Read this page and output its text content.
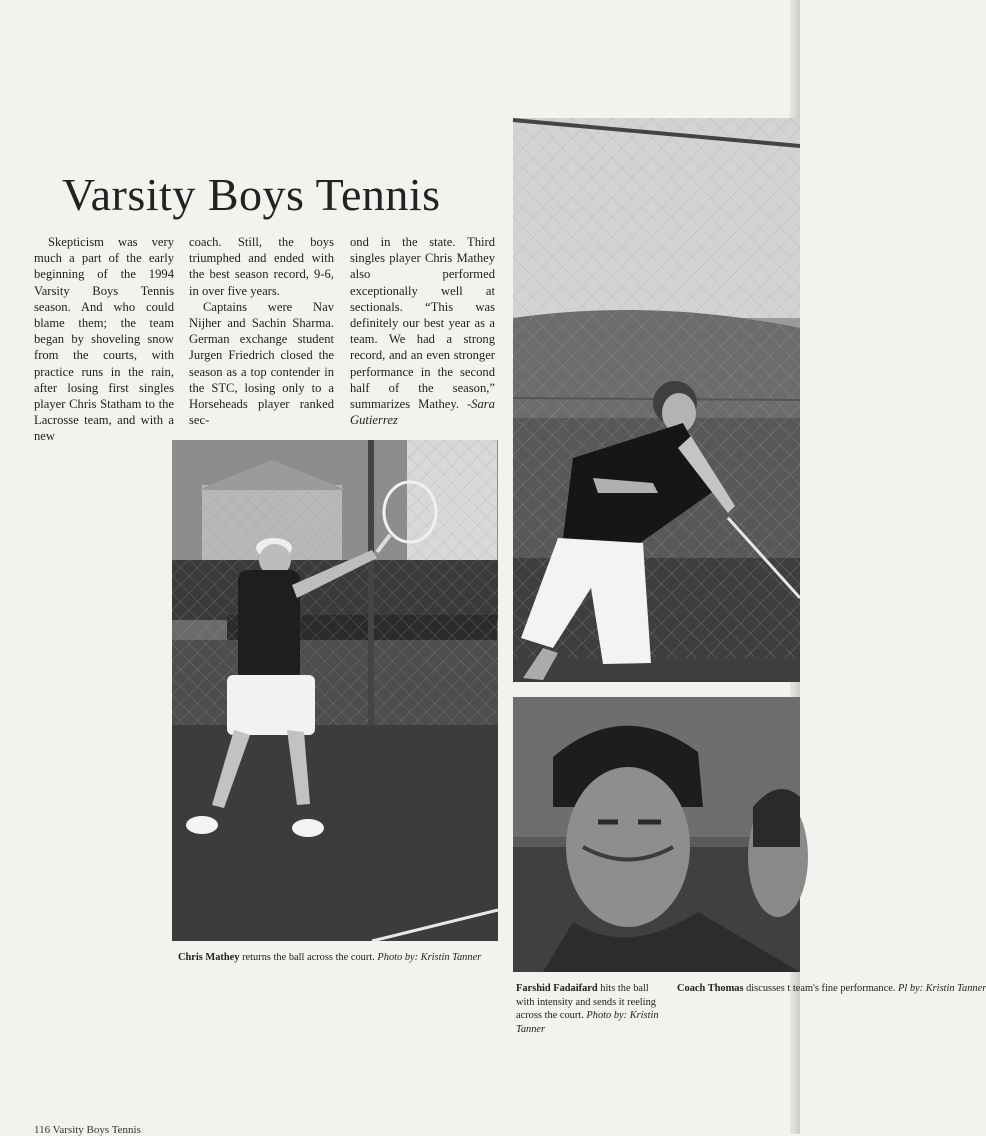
Varsity Boys Tennis

Skepticism was very much a part of the early beginning of the 1994 Varsity Boys Tennis season. And who could blame them; the team began by shoveling snow from the courts, with practice runs in the rain, after losing first singles player Chris Statham to the Lacrosse team, and with a new

coach. Still, the boys triumphed and ended with the best season record, 9-6, in over five years.

Captains were Nav Nijher and Sachin Sharma. German exchange student Jurgen Friedrich closed the season as a top contender in the STC, losing only to a Horseheads player ranked sec-

ond in the state. Third singles player Chris Mathey also performed exceptionally well at sectionals. “This was definitely our best year as a team. We had a strong record, and an even stronger performance in the second half of the season,” summarizes Mathey. -Sara Gutierrez

Chris Mathey returns the ball across the court. Photo by: Kristin Tanner
Farshid Fadaifard hits the ball with intensity and sends it reeling across the court. Photo by: Kristin Tanner
Coach Thomas discusses t team's fine performance. Pl by: Kristin Tanner
116 Varsity Boys Tennis
